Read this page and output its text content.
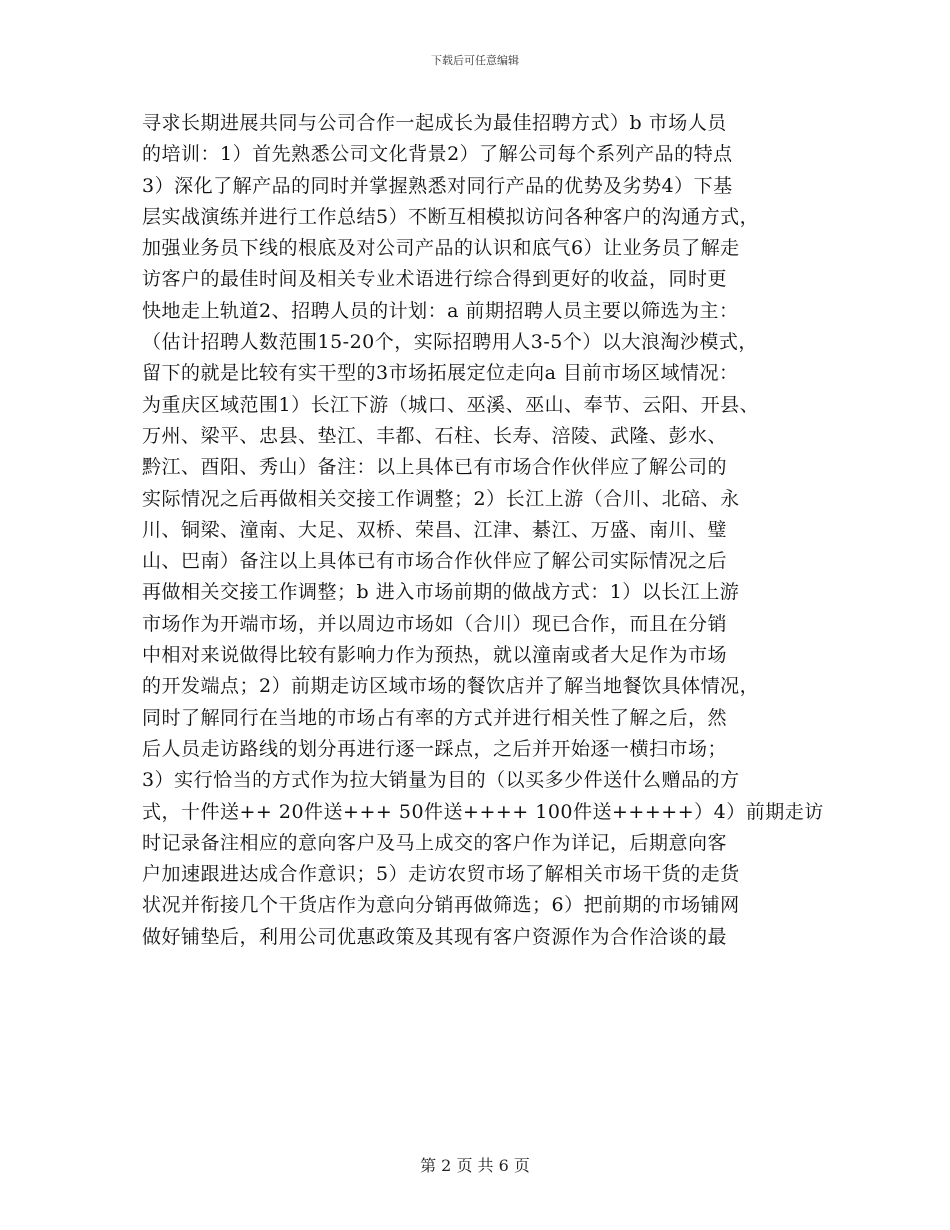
下载后可任意编辑
寻求长期进展共同与公司合作一起成长为最佳招聘方式）b 市场人员
的培训：1）首先熟悉公司文化背景2）了解公司每个系列产品的特点
3）深化了解产品的同时并掌握熟悉对同行产品的优势及劣势4）下基
层实战演练并进行工作总结5）不断互相模拟访问各种客户的沟通方式，
加强业务员下线的根底及对公司产品的认识和底气6）让业务员了解走
访客户的最佳时间及相关专业术语进行综合得到更好的收益，同时更
快地走上轨道2、招聘人员的计划：a 前期招聘人员主要以筛选为主：
（估计招聘人数范围15-20个，实际招聘用人3-5个）以大浪淘沙模式，
留下的就是比较有实干型的3市场拓展定位走向a 目前市场区域情况：
为重庆区域范围1）长江下游（城口、巫溪、巫山、奉节、云阳、开县、
万州、梁平、忠县、垫江、丰都、石柱、长寿、涪陵、武隆、彭水、
黔江、酉阳、秀山）备注：以上具体已有市场合作伙伴应了解公司的
实际情况之后再做相关交接工作调整；2）长江上游（合川、北碚、永
川、铜梁、潼南、大足、双桥、荣昌、江津、綦江、万盛、南川、璧
山、巴南）备注以上具体已有市场合作伙伴应了解公司实际情况之后
再做相关交接工作调整；b 进入市场前期的做战方式：1）以长江上游
市场作为开端市场，并以周边市场如（合川）现已合作，而且在分销
中相对来说做得比较有影响力作为预热，就以潼南或者大足作为市场
的开发端点；2）前期走访区域市场的餐饮店并了解当地餐饮具体情况，
同时了解同行在当地的市场占有率的方式并进行相关性了解之后，然
后人员走访路线的划分再进行逐一踩点，之后并开始逐一横扫市场；
3）实行恰当的方式作为拉大销量为目的（以买多少件送什么赠品的方
式，十件送++ 20件送+++ 50件送++++ 100件送+++++）4）前期走访
时记录备注相应的意向客户及马上成交的客户作为详记，后期意向客
户加速跟进达成合作意识；5）走访农贸市场了解相关市场干货的走货
状况并衔接几个干货店作为意向分销再做筛选；6）把前期的市场铺网
做好铺垫后，利用公司优惠政策及其现有客户资源作为合作洽谈的最
第 2 页 共 6 页
